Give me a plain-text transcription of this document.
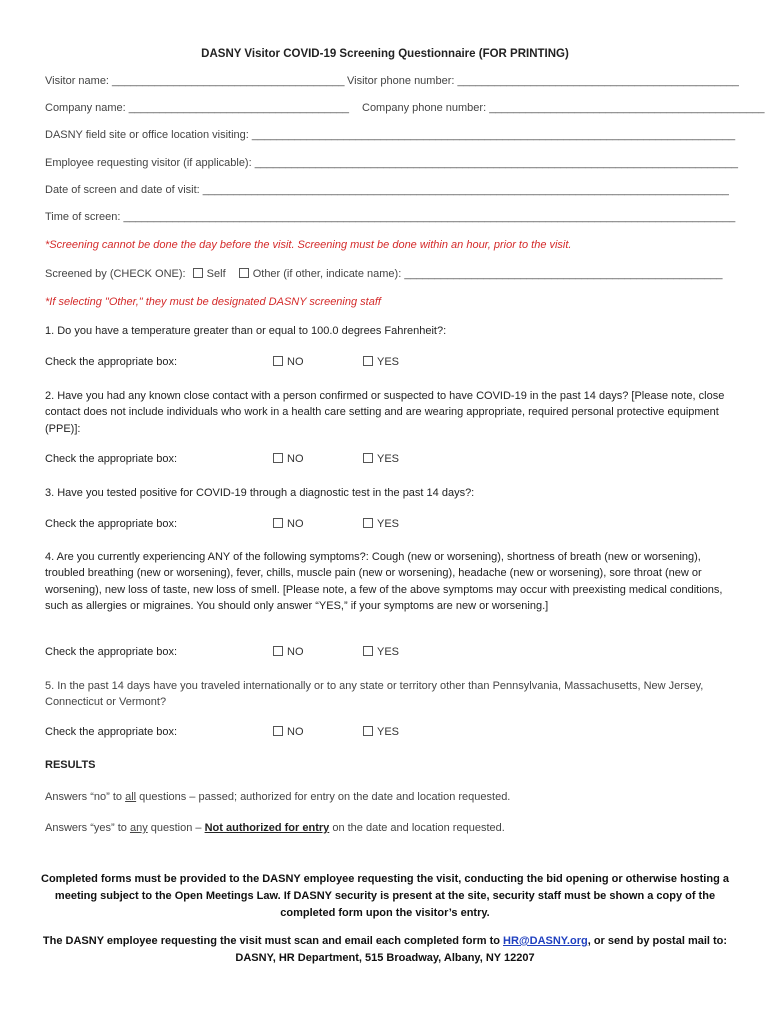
DASNY Visitor COVID-19 Screening Questionnaire (FOR PRINTING)
Visitor name: ______________________________________ Visitor phone number: ______________________________________________
Company name: ____________________________________ Company phone number: _____________________________________________
DASNY field site or office location visiting: _______________________________________________________________________________
Employee requesting visitor (if applicable): _______________________________________________________________________________
Date of screen and date of visit: ______________________________________________________________________________________
Time of screen: ____________________________________________________________________________________________________
*Screening cannot be done the day before the visit. Screening must be done within an hour, prior to the visit.
Screened by (CHECK ONE): Self Other (if other, indicate name): ____________________________________________________
*If selecting "Other," they must be designated DASNY screening staff
1. Do you have a temperature greater than or equal to 100.0 degrees Fahrenheit?:
Check the appropriate box:	NO	YES
2. Have you had any known close contact with a person confirmed or suspected to have COVID-19 in the past 14 days? [Please note, close contact does not include individuals who work in a health care setting and are wearing appropriate, required personal protective equipment (PPE)]:
Check the appropriate box:	NO	YES
3. Have you tested positive for COVID-19 through a diagnostic test in the past 14 days?:
Check the appropriate box:	NO	YES
4. Are you currently experiencing ANY of the following symptoms?: Cough (new or worsening), shortness of breath (new or worsening), troubled breathing (new or worsening), fever, chills, muscle pain (new or worsening), headache (new or worsening), sore throat (new or worsening), new loss of taste, new loss of smell. [Please note, a few of the above symptoms may occur with preexisting medical conditions, such as allergies or migraines. You should only answer “YES,” if your symptoms are new or worsening.]
Check the appropriate box:	NO	YES
5. In the past 14 days have you traveled internationally or to any state or territory other than Pennsylvania, Massachusetts, New Jersey, Connecticut or Vermont?
Check the appropriate box:	NO	YES
RESULTS
Answers “no” to all questions – passed; authorized for entry on the date and location requested.
Answers “yes” to any question – Not authorized for entry on the date and location requested.
Completed forms must be provided to the DASNY employee requesting the visit, conducting the bid opening or otherwise hosting a meeting subject to the Open Meetings Law. If DASNY security is present at the site, security staff must be shown a copy of the completed form upon the visitor’s entry.
The DASNY employee requesting the visit must scan and email each completed form to HR@DASNY.org, or send by postal mail to:
DASNY, HR Department, 515 Broadway, Albany, NY 12207
